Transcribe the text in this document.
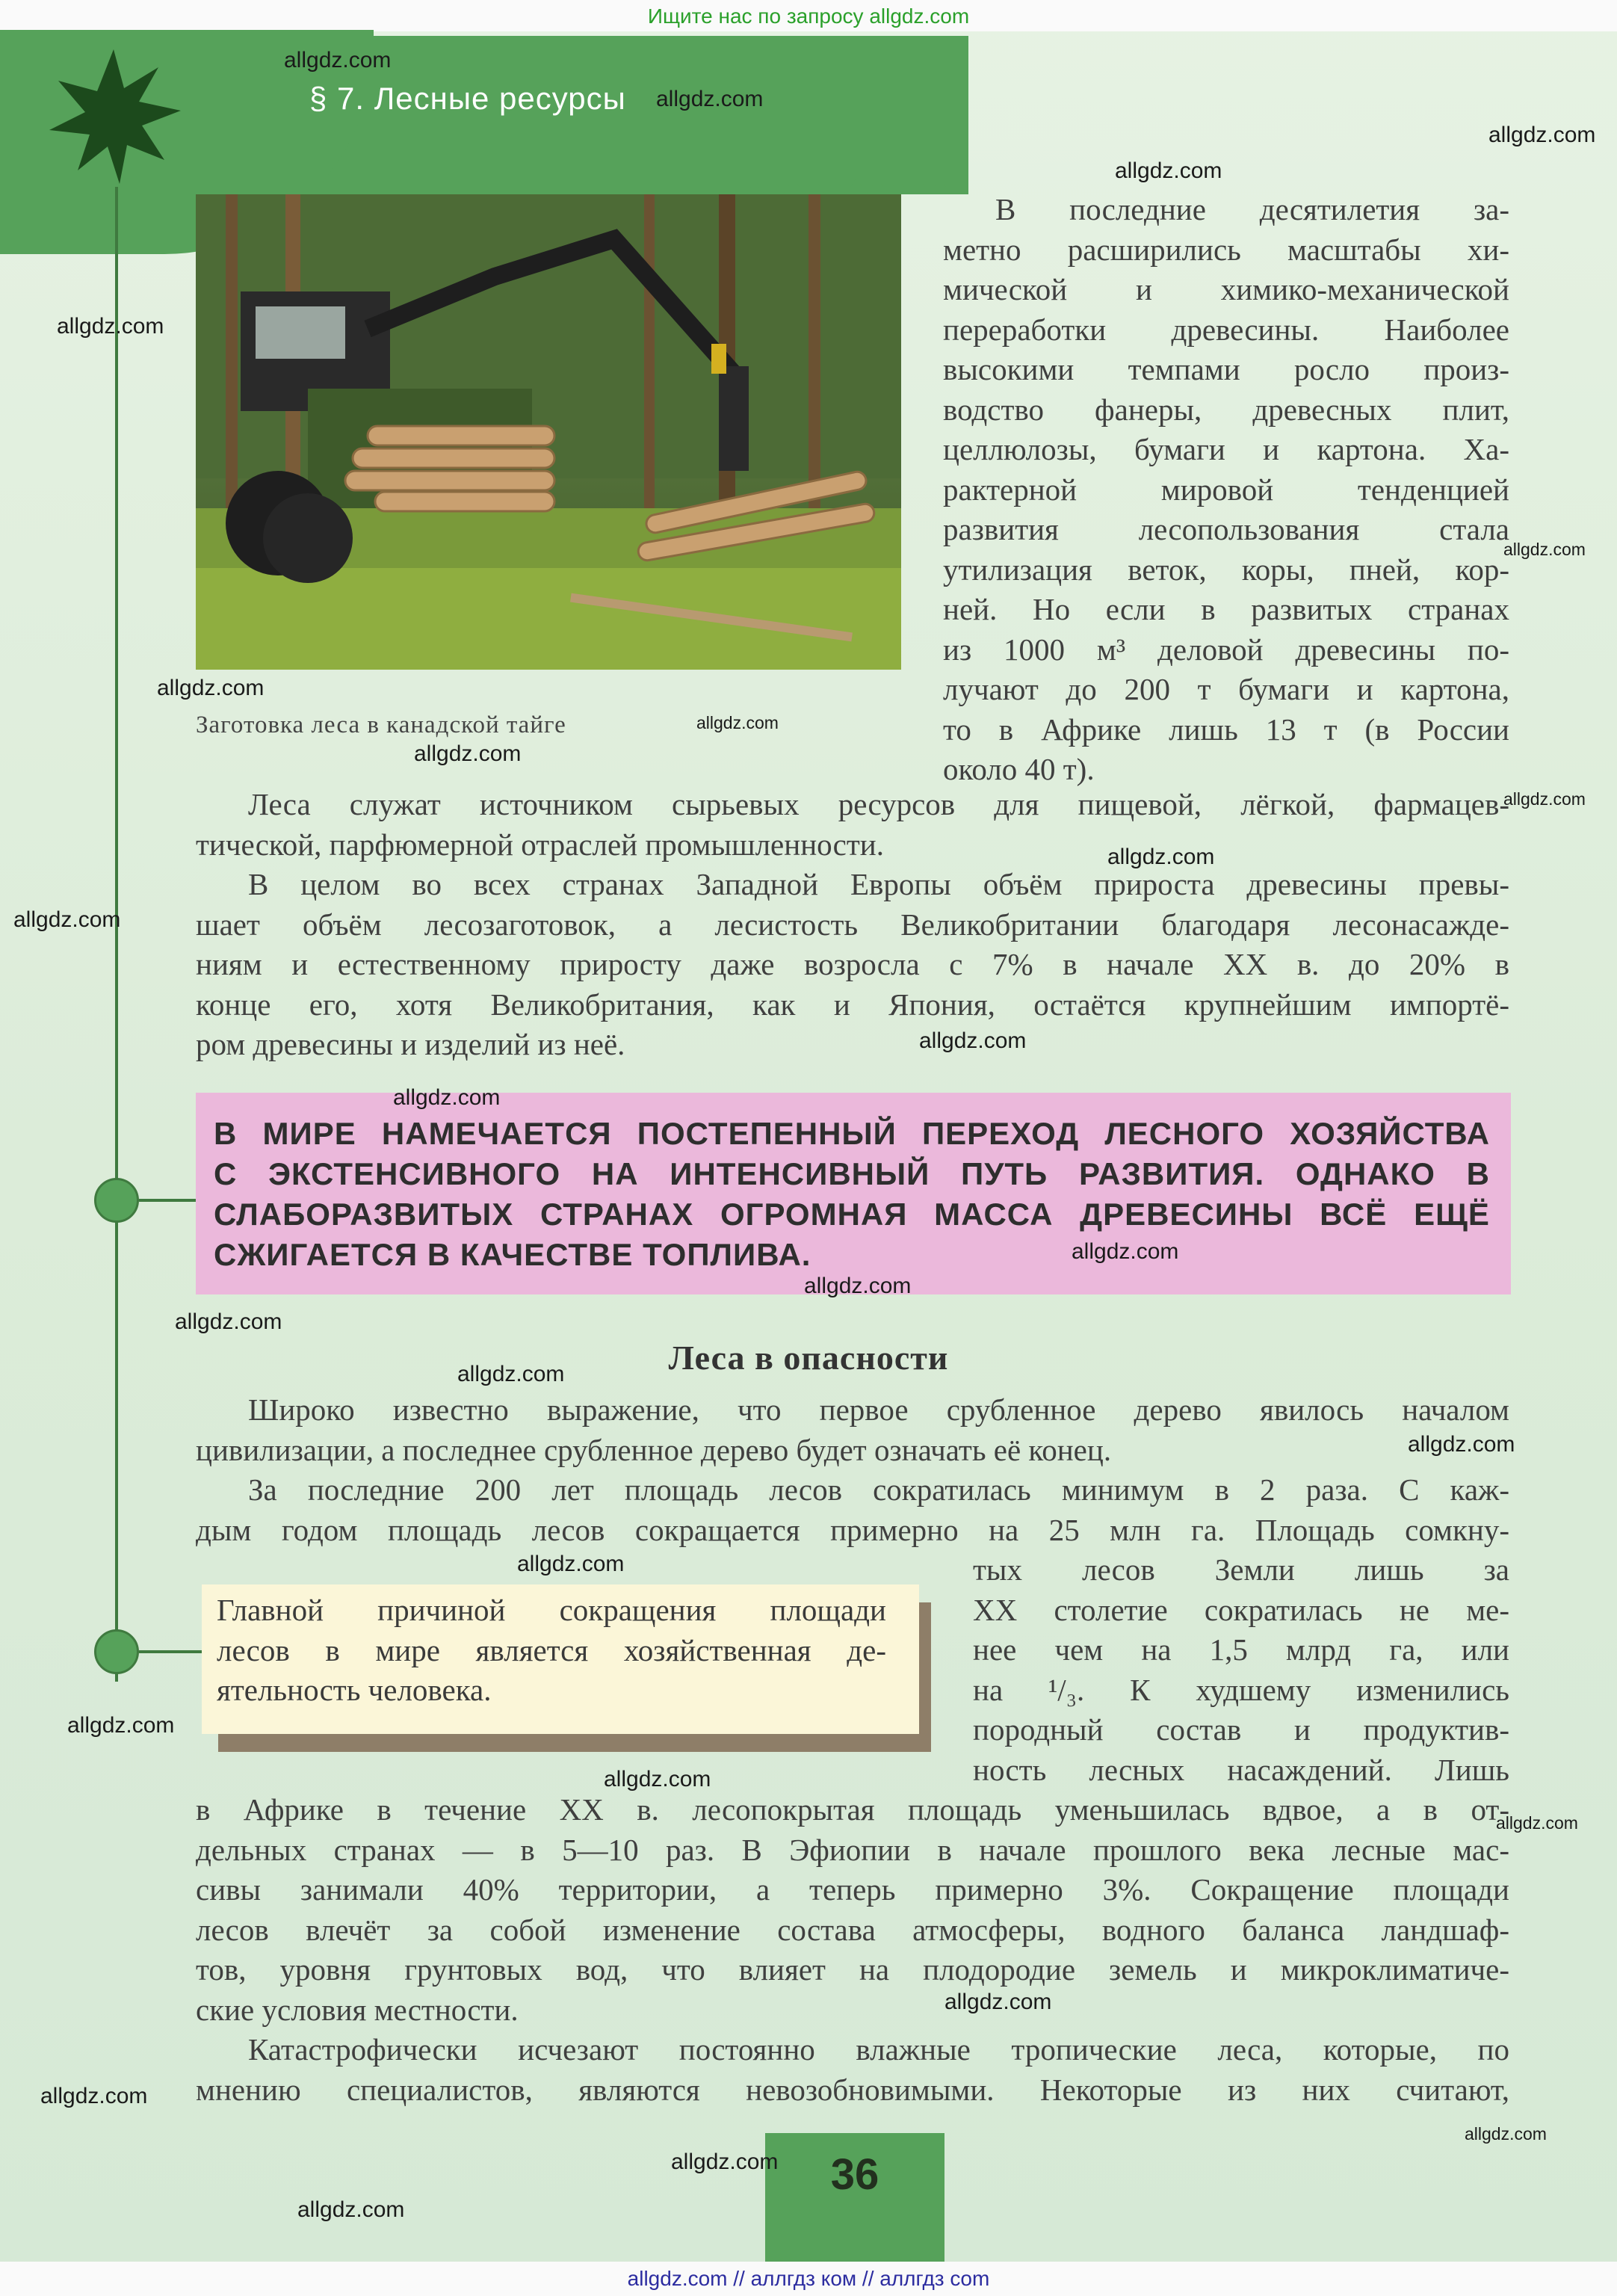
Ищите нас по запросу allgdz.com
§ 7. Лесные ресурсы
Заготовка леса в канадской тайге
В последние десятилетия за-
метно расширились масштабы хи-
мической и химико-механической
переработки древесины. Наиболее
высокими темпами росло произ-
водство фанеры, древесных плит,
целлюлозы, бумаги и картона. Ха-
рактерной мировой тенденцией
развития лесопользования стала
утилизация веток, коры, пней, кор-
ней. Но если в развитых странах
из 1000 м³ деловой древесины по-
лучают до 200 т бумаги и картона,
то в Африке лишь 13 т (в России
около 40 т).
Леса служат источником сырьевых ресурсов для пищевой, лёгкой, фармацев-
тической, парфюмерной отраслей промышленности.
В целом во всех странах Западной Европы объём прироста древесины превы-
шает объём лесозаготовок, а лесистость Великобритании благодаря лесонасажде-
ниям и естественному приросту даже возросла с 7% в начале XX в. до 20% в
конце его, хотя Великобритания, как и Япония, остаётся крупнейшим импортё-
ром древесины и изделий из неё.
В МИРЕ НАМЕЧАЕТСЯ ПОСТЕПЕННЫЙ ПЕРЕХОД ЛЕСНОГО ХОЗЯЙСТВА
С ЭКСТЕНСИВНОГО НА ИНТЕНСИВНЫЙ ПУТЬ РАЗВИТИЯ. ОДНАКО В
СЛАБОРАЗВИТЫХ СТРАНАХ ОГРОМНАЯ МАССА ДРЕВЕСИНЫ ВСЁ ЕЩЁ
СЖИГАЕТСЯ В КАЧЕСТВЕ ТОПЛИВА.
Леса в опасности
Широко известно выражение, что первое срубленное дерево явилось началом
цивилизации, а последнее срубленное дерево будет означать её конец.
За последние 200 лет площадь лесов сократилась минимум в 2 раза. С каж-
дым годом площадь лесов сокращается примерно на 25 млн га. Площадь сомкну-
тых лесов Земли лишь за
XX столетие сократилась не ме-
нее чем на 1,5 млрд га, или
на ¹/₃. К худшему изменились
породный состав и продуктив-
ность лесных насаждений. Лишь
Главной причиной сокращения площади
лесов в мире является хозяйственная де-
ятельность человека.
в Африке в течение XX в. лесопокрытая площадь уменьшилась вдвое, а в от-
дельных странах — в 5—10 раз. В Эфиопии в начале прошлого века лесные мас-
сивы занимали 40% территории, а теперь примерно 3%. Сокращение площади
лесов влечёт за собой изменение состава атмосферы, водного баланса ландшаф-
тов, уровня грунтовых вод, что влияет на плодородие земель и микроклиматиче-
ские условия местности.
Катастрофически исчезают постоянно влажные тропические леса, которые, по
мнению специалистов, являются невозобновимыми. Некоторые из них считают,
36
allgdz.com
allgdz.com
allgdz.com
allgdz.com
allgdz.com
allgdz.com
allgdz.com
allgdz.com
allgdz.com
allgdz.com
allgdz.com
allgdz.com
allgdz.com
allgdz.com
allgdz.com
allgdz.com
allgdz.com
allgdz.com
allgdz.com
allgdz.com
allgdz.com
allgdz.com
allgdz.com
allgdz.com
allgdz.com
allgdz.com
allgdz.com
allgdz.com
allgdz.com // аллгдз ком // аллгдз com
